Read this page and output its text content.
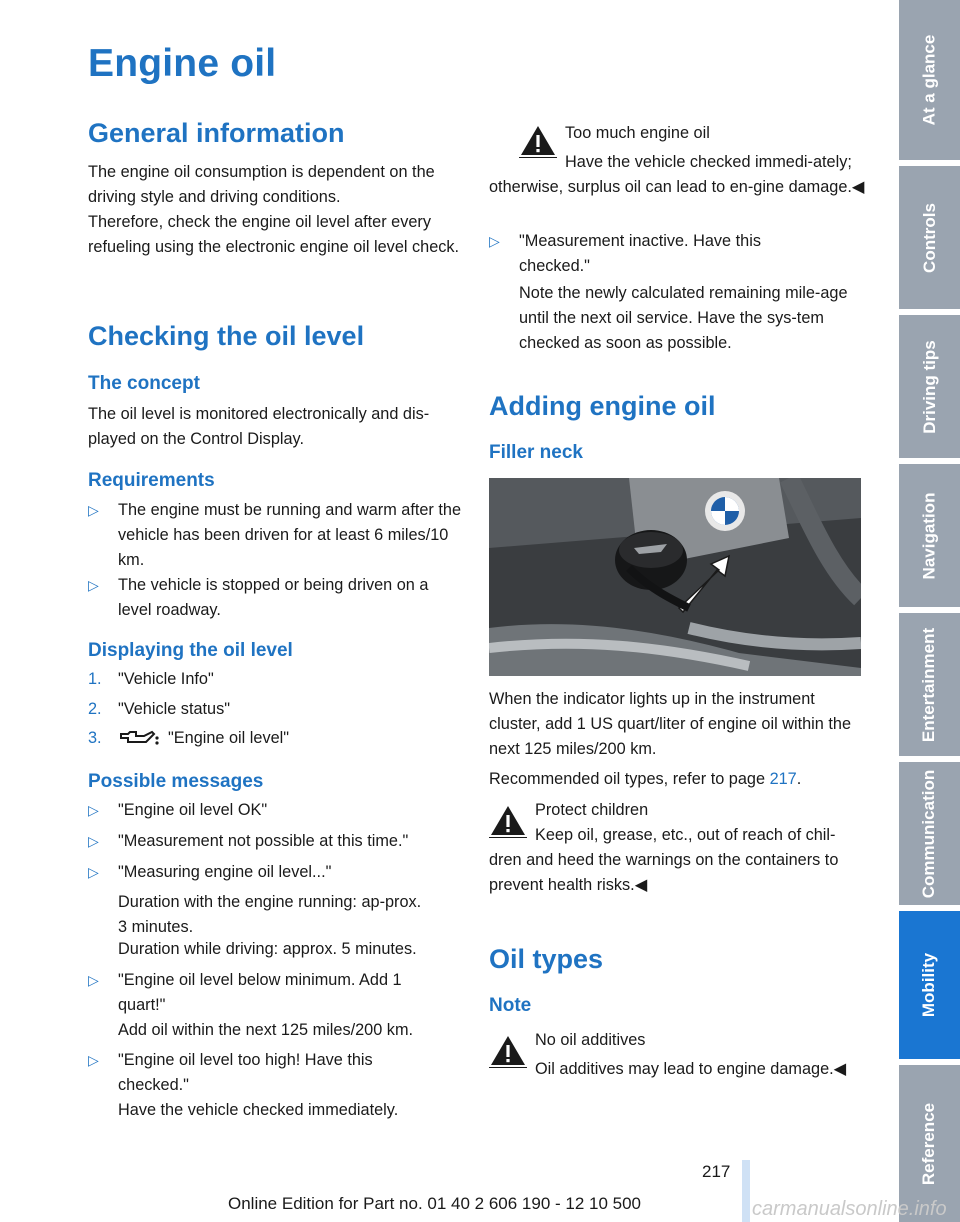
Engine oil
General information

The engine oil consumption is dependent on the driving style and driving conditions.

Therefore, check the engine oil level after every refueling using the electronic engine oil level check.

Checking the oil level
The concept

The oil level is monitored electronically and dis-played on the Control Display.

Requirements
▷ The engine must be running and warm after the vehicle has been driven for at least 6 miles/10 km.
▷ The vehicle is stopped or being driven on a level roadway.
Displaying the oil level
1. "Vehicle Info"
2. "Vehicle status"
3.	"Engine oil level"
Possible messages
▷ "Engine oil level OK"
▷ "Measurement not possible at this time."
▷ "Measuring engine oil level..."

Duration with the engine running: ap-prox. 3 minutes.

Duration while driving: approx. 5 minutes.

▷ "Engine oil level below minimum. Add 1 quart!"

Add oil within the next 125 miles/200 km.

▷ "Engine oil level too high! Have this checked."

Have the vehicle checked immediately.

Too much engine oil

Have the vehicle checked immedi-ately; otherwise, surplus oil can lead to en-gine damage.◀

▷ "Measurement inactive. Have this checked."

Note the newly calculated remaining mile-age until the next oil service. Have the sys-tem checked as soon as possible.

Adding engine oil
Filler neck

When the indicator lights up in the instrument cluster, add 1 US quart/liter of engine oil within the next 125 miles/200 km.

Recommended oil types, refer to page 217.

Protect children

Keep oil, grease, etc., out of reach of chil-dren and heed the warnings on the containers to prevent health risks.◀

Oil types
Note

No oil additives

Oil additives may lead to engine damage.◀

At a glance
Controls
Driving tips
Navigation
Entertainment
Communication
Mobility
Reference
217
Online Edition for Part no. 01 40 2 606 190 - 12 10 500	carmanualsonline.info
